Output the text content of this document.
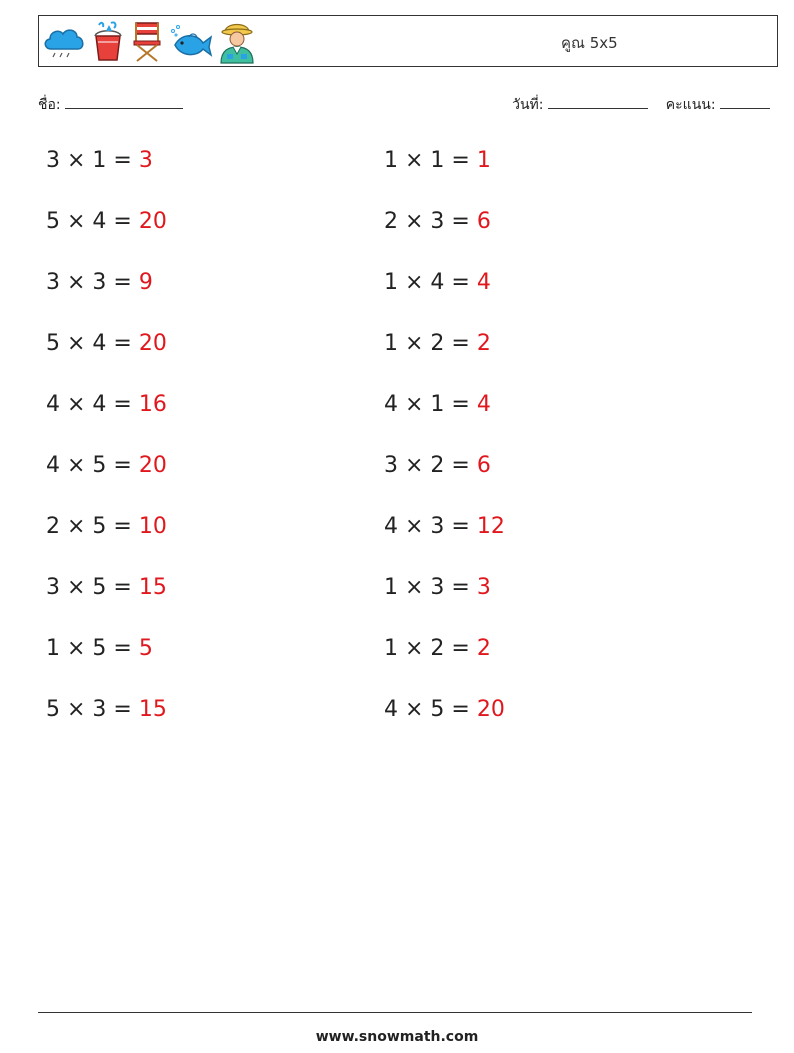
คูณ 5x5
ชื่อ:	วันที่:	คะแนน:
3 × 1 = 3
5 × 4 = 20
3 × 3 = 9
5 × 4 = 20
4 × 4 = 16
4 × 5 = 20
2 × 5 = 10
3 × 5 = 15
1 × 5 = 5
5 × 3 = 15
1 × 1 = 1
2 × 3 = 6
1 × 4 = 4
1 × 2 = 2
4 × 1 = 4
3 × 2 = 6
4 × 3 = 12
1 × 3 = 3
1 × 2 = 2
4 × 5 = 20
www.snowmath.com
